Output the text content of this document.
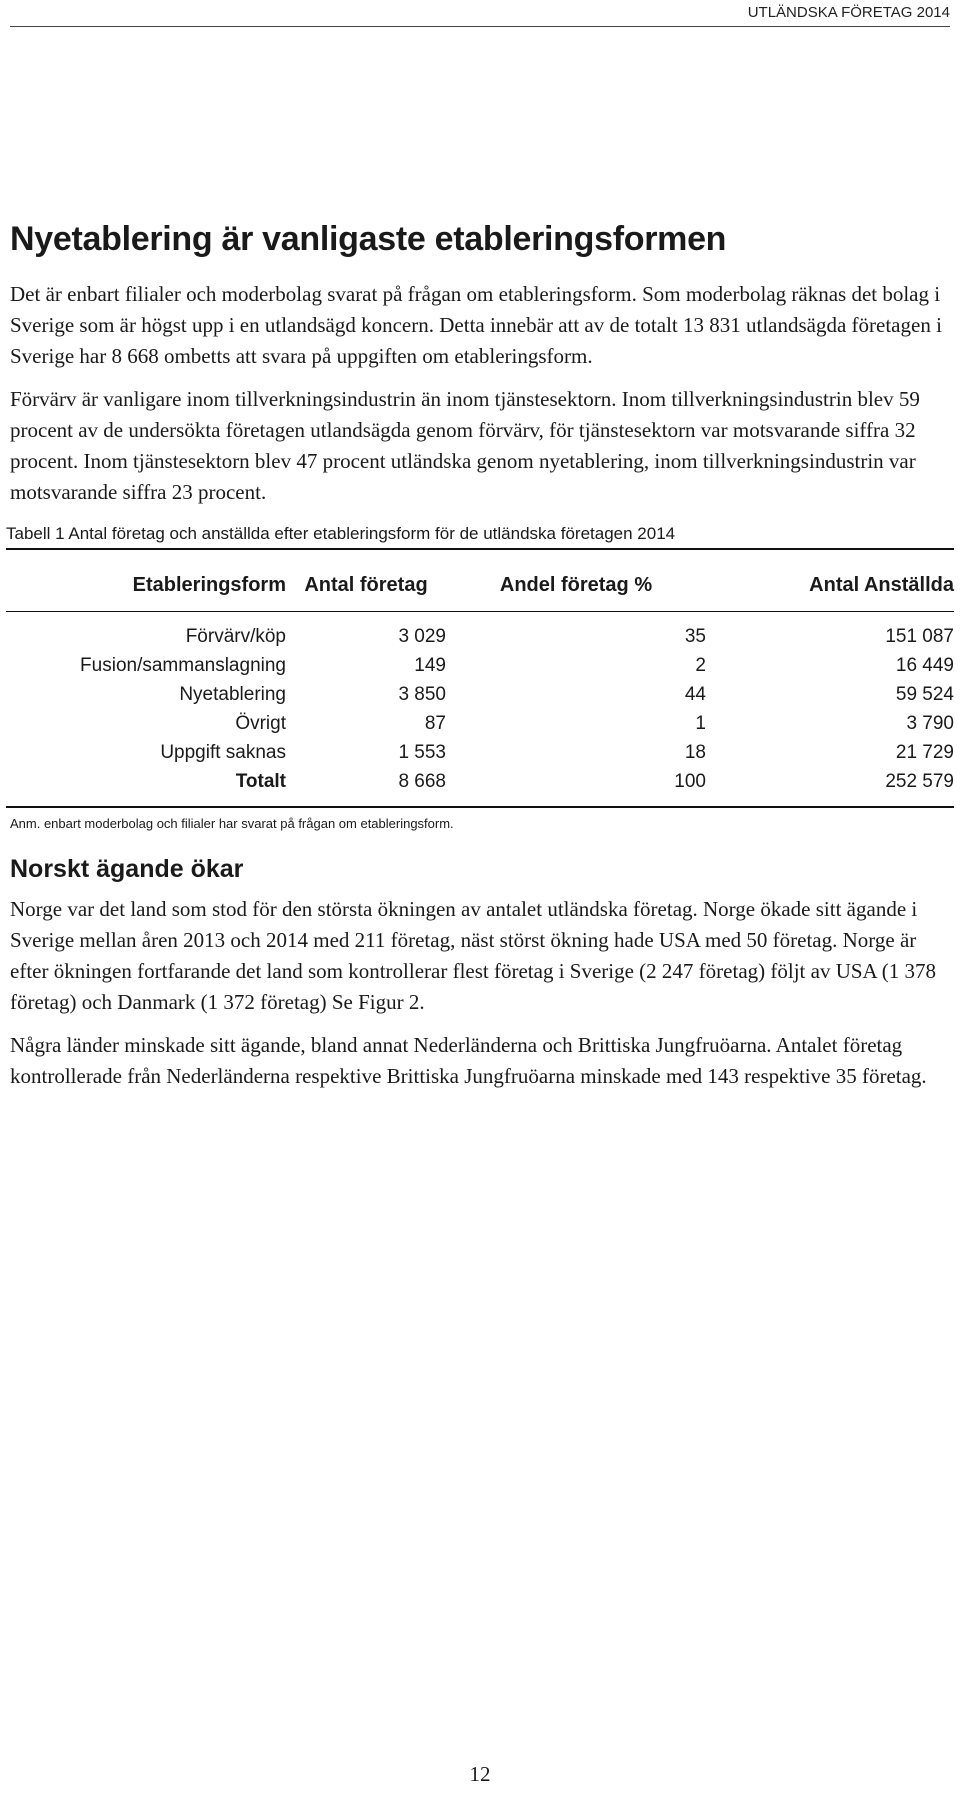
UTLÄNDSKA FÖRETAG 2014
Nyetablering är vanligaste etableringsformen

Det är enbart filialer och moderbolag svarat på frågan om etableringsform. Som moderbolag räknas det bolag i Sverige som är högst upp i en utlandsägd koncern. Detta innebär att av de totalt 13 831 utlandsägda företagen i Sverige har 8 668 ombetts att svara på uppgiften om etableringsform.

Förvärv är vanligare inom tillverkningsindustrin än inom tjänstesektorn. Inom tillverkningsindustrin blev 59 procent av de undersökta företagen utlandsägda genom förvärv, för tjänstesektorn var motsvarande siffra 32 procent. Inom tjänstesektorn blev 47 procent utländska genom nyetablering, inom tillverkningsindustrin var motsvarande siffra 23 procent.

Tabell 1 Antal företag och anställda efter etableringsform för de utländska företagen 2014
Etableringsform	Antal företag	Andel företag %	Antal Anställda
Förvärv/köp	3 029	35	151 087
Fusion/sammanslagning	149	2	16 449
Nyetablering	3 850	44	59 524
Övrigt	87	1	3 790
Uppgift saknas	1 553	18	21 729
Totalt	8 668	100	252 579
Anm. enbart moderbolag och filialer har svarat på frågan om etableringsform.
Norskt ägande ökar

Norge var det land som stod för den största ökningen av antalet utländska företag. Norge ökade sitt ägande i Sverige mellan åren 2013 och 2014 med 211 företag, näst störst ökning hade USA med 50 företag. Norge är efter ökningen fortfarande det land som kontrollerar flest företag i Sverige (2 247 företag) följt av USA (1 378 företag) och Danmark (1 372 företag) Se Figur 2.

Några länder minskade sitt ägande, bland annat Nederländerna och Brittiska Jungfruöarna. Antalet företag kontrollerade från Nederländerna respektive Brittiska Jungfruöarna minskade med 143 respektive 35 företag.

12
